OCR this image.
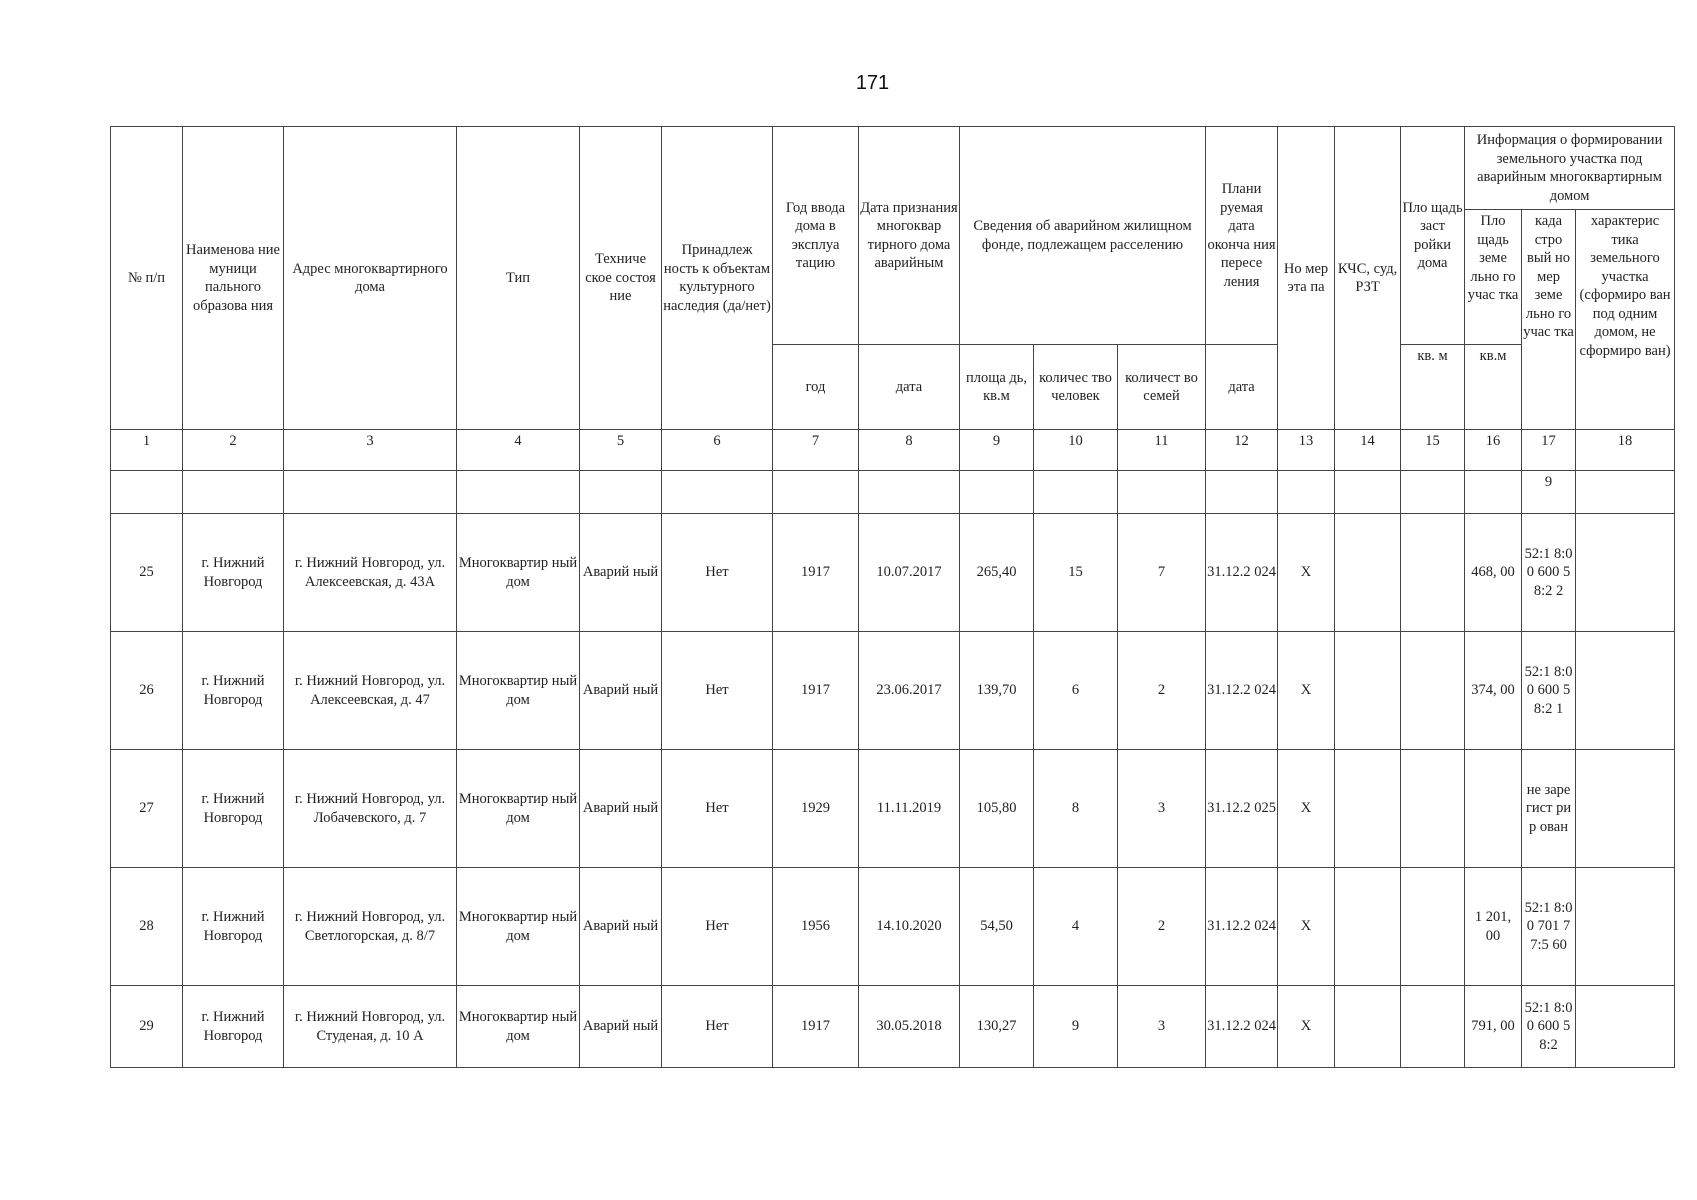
171
№ п/п	Наименова ние муници пального образова ния	Адрес многоквартирного дома	Тип	Техниче ское состоя ние	Принадлеж ность к объектам культурного наследия (да/нет)	Год ввода дома в эксплуа тацию	Дата признания многоквар тирного дома аварийным	Сведения об аварийном жилищном фонде, подлежащем расселению			Плани руемая дата оконча ния пересе ления	Но мер эта па	КЧС, суд, РЗТ	Пло щадь заст ройки дома	Информация о формировании земельного участка под аварийным многоквартирным домом		
															Пло щадь земе льно го учас тка	када стро вый но мер земе льно го учас тка	характерис тика земельного участка (сформиро ван под одним домом, не сформиро ван)
						год	дата	площа дь, кв.м	количес тво человек	количест во семей	дата			кв. м	кв.м		
1	2	3	4	5	6	7	8	9	10	11	12	13	14	15	16	17	18
																9	
25	г. Нижний Новгород	г. Нижний Новгород, ул. Алексеевская, д. 43А	Многоквартир ный дом	Аварий ный	Нет	1917	10.07.2017	265,40	15	7	31.12.2 024	Х			468, 00	52:1 8:00 600 58:2 2	
26	г. Нижний Новгород	г. Нижний Новгород, ул. Алексеевская, д. 47	Многоквартир ный дом	Аварий ный	Нет	1917	23.06.2017	139,70	6	2	31.12.2 024	Х			374, 00	52:1 8:00 600 58:2 1	
27	г. Нижний Новгород	г. Нижний Новгород, ул. Лобачевского, д. 7	Многоквартир ный дом	Аварий ный	Нет	1929	11.11.2019	105,80	8	3	31.12.2 025	Х				не заре гист рир ован	
28	г. Нижний Новгород	г. Нижний Новгород, ул. Светлогорская, д. 8/7	Многоквартир ный дом	Аварий ный	Нет	1956	14.10.2020	54,50	4	2	31.12.2 024	Х			1 201, 00	52:1 8:00 701 77:5 60	
29	г. Нижний Новгород	г. Нижний Новгород, ул. Студеная, д. 10 А	Многоквартир ный дом	Аварий ный	Нет	1917	30.05.2018	130,27	9	3	31.12.2 024	Х			791, 00	52:1 8:00 600 58:2	
